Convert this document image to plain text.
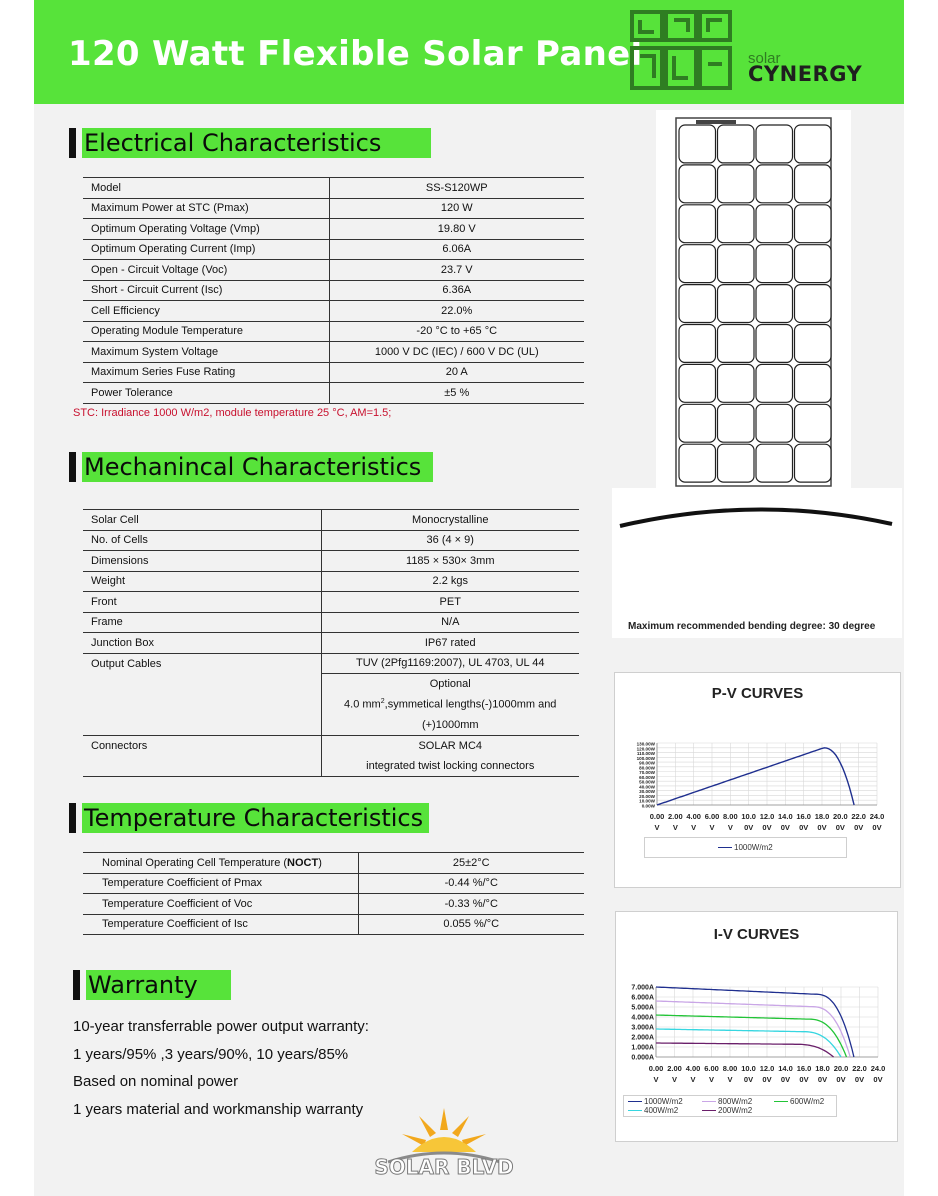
120 Watt Flexible Solar Panel	solar
CYNERGY
Electrical Characteristics
Model	SS-S120WP
Maximum Power at STC (Pmax)	120 W
Optimum Operating Voltage (Vmp)	19.80 V
Optimum Operating Current (Imp)	6.06A
Open - Circuit Voltage (Voc)	23.7 V
Short - Circuit Current (Isc)	6.36A
Cell Efficiency	22.0%
Operating Module Temperature	-20 °C to +65 °C
Maximum System Voltage	1000 V DC (IEC) / 600 V DC (UL)
Maximum Series Fuse Rating	20 A
Power Tolerance	±5 %
STC: Irradiance 1000 W/m2, module temperature 25 °C, AM=1.5;
Mechanincal Characteristics
Solar Cell	Monocrystalline
No. of Cells	36 (4 × 9)
Dimensions	1185 × 530× 3mm
Weight	2.2 kgs
Front	PET
Frame	N/A
Junction Box	IP67 rated
Output Cables	TUV (2Pfg1169:2007), UL 4703, UL 44
	Optional
	4.0 $mm^2,symmetical$ lengths(-)1000mm and
	(+)1000mm
Connectors	SOLAR MC4
	integrated twist locking connectors
Temperature Characteristics
Nominal Operating Cell Temperature (NOCT)	25±2°C
Temperature Coefficient of Pmax	-0.44 %/°C
Temperature Coefficient of Voc	-0.33 %/°C
Temperature Coefficient of Isc	0.055 %/°C
Warranty
10-year transferrable power output warranty:
1 years/95% ,3 years/90%, 10 years/85%
Based on nominal power
1 years material and workmanship warranty
Maximum recommended bending degree: 30 degree
P-V CURVES
0.00W
10.00W
20.00W
30.00W
40.00W
50.00W
60.00W
70.00W
80.00W
90.00W
100.00W
110.00W
120.00W
130.00W
0.00
V
2.00
V
4.00
V
6.00
V
8.00
V
10.0
0V
12.0
0V
14.0
0V
16.0
0V
18.0
0V
20.0
0V
22.0
0V
24.0
0V
1000W/m2
I-V CURVES
0.000A
1.000A
2.000A
3.000A
4.000A
5.000A
6.000A
7.000A
0.00
V
2.00
V
4.00
V
6.00
V
8.00
V
10.0
0V
12.0
0V
14.0
0V
16.0
0V
18.0
0V
20.0
0V
22.0
0V
24.0
0V
1000W/m2	800W/m2	600W/m2
400W/m2	200W/m2
SOLAR BLVD
